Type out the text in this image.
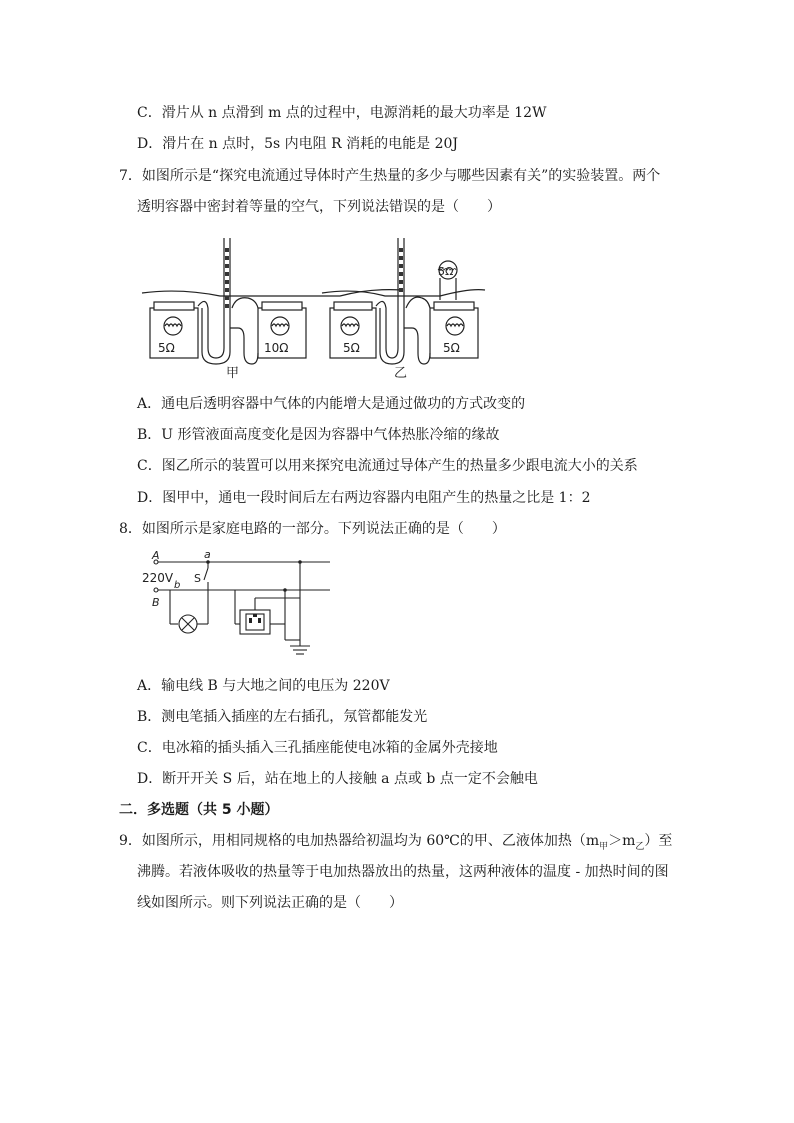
C．滑片从 n 点滑到 m 点的过程中，电源消耗的最大功率是 12W
D．滑片在 n 点时，5s 内电阻 R 消耗的电能是 20J
7．如图所示是“探究电流通过导体时产生热量的多少与哪些因素有关”的实验装置。两个
透明容器中密封着等量的空气，下列说法错误的是（　　）
5Ω	10Ω
甲
5Ω
5Ω	5Ω
乙
A．通电后透明容器中气体的内能增大是通过做功的方式改变的
B．U 形管液面高度变化是因为容器中气体热胀冷缩的缘故
C．图乙所示的装置可以用来探究电流通过导体产生的热量多少跟电流大小的关系
D．图甲中，通电一段时间后左右两边容器内电阻产生的热量之比是 1：2
8．如图所示是家庭电路的一部分。下列说法正确的是（　　）
A	a
220V
b
S
B
A．输电线 B 与大地之间的电压为 220V
B．测电笔插入插座的左右插孔，氖管都能发光
C．电冰箱的插头插入三孔插座能使电冰箱的金属外壳接地
D．断开开关 S 后，站在地上的人接触 a 点或 b 点一定不会触电
二．多选题（共 5 小题）
9．如图所示，用相同规格的电加热器给初温均为 60℃的甲、乙液体加热$(m_甲>m_乙)$至
沸腾。若液体吸收的热量等于电加热器放出的热量，这两种液体的温度 - 加热时间的图
线如图所示。则下列说法正确的是（　　）
